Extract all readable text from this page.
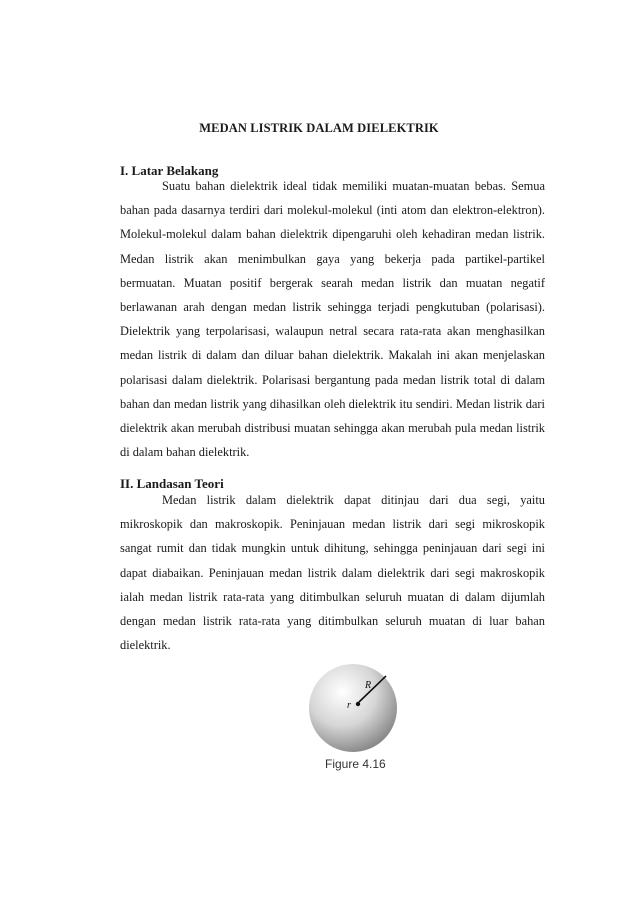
MEDAN LISTRIK DALAM DIELEKTRIK
I. Latar Belakang

Suatu bahan dielektrik ideal tidak memiliki muatan-muatan bebas. Semua bahan pada dasarnya terdiri dari molekul-molekul (inti atom dan elektron-elektron). Molekul-molekul dalam bahan dielektrik dipengaruhi oleh kehadiran medan listrik. Medan listrik akan menimbulkan gaya yang bekerja pada partikel-partikel bermuatan. Muatan positif bergerak searah medan listrik dan muatan negatif berlawanan arah dengan medan listrik sehingga terjadi pengkutuban (polarisasi). Dielektrik yang terpolarisasi, walaupun netral secara rata-rata akan menghasilkan medan listrik di dalam dan diluar bahan dielektrik. Makalah ini akan menjelaskan polarisasi dalam dielektrik. Polarisasi bergantung pada medan listrik total di dalam bahan dan medan listrik yang dihasilkan oleh dielektrik itu sendiri. Medan listrik dari dielektrik akan merubah distribusi muatan sehingga akan merubah pula medan listrik di dalam bahan dielektrik.

II. Landasan Teori

Medan listrik dalam dielektrik dapat ditinjau dari dua segi, yaitu mikroskopik dan makroskopik. Peninjauan medan listrik dari segi mikroskopik sangat rumit dan tidak mungkin untuk dihitung, sehingga peninjauan dari segi ini dapat diabaikan. Peninjauan medan listrik dalam dielektrik dari segi makroskopik ialah medan listrik rata-rata yang ditimbulkan seluruh muatan di dalam dijumlah dengan medan listrik rata-rata yang ditimbulkan seluruh muatan di luar bahan dielektrik.

R
r
Figure 4.16
